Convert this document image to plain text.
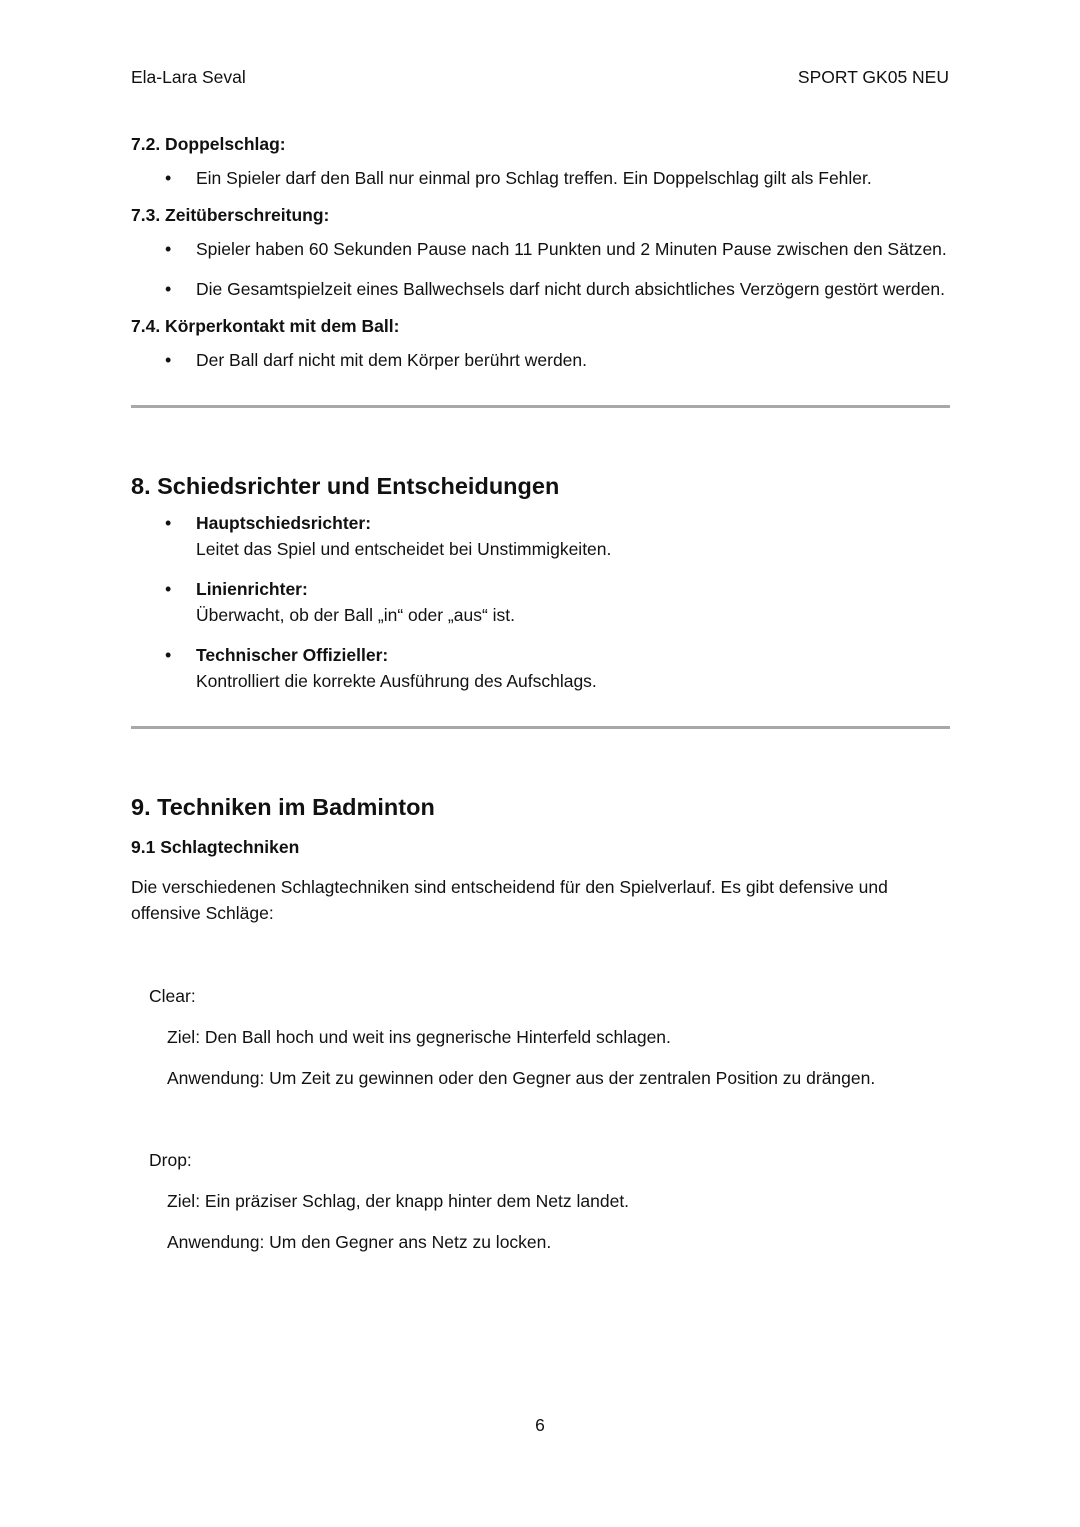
Ela-Lara Seval	SPORT GK05 NEU

7.2. Doppelschlag:

• Ein Spieler darf den Ball nur einmal pro Schlag treffen. Ein Doppelschlag gilt als Fehler.

7.3. Zeitüberschreitung:

• Spieler haben 60 Sekunden Pause nach 11 Punkten und 2 Minuten Pause zwischen den Sätzen.
• Die Gesamtspielzeit eines Ballwechsels darf nicht durch absichtliches Verzögern gestört werden.

7.4. Körperkontakt mit dem Ball:

• Der Ball darf nicht mit dem Körper berührt werden.
8. Schiedsrichter und Entscheidungen
• Hauptschiedsrichter:
Leitet das Spiel und entscheidet bei Unstimmigkeiten.
• Linienrichter:
Überwacht, ob der Ball „in“ oder „aus“ ist.
• Technischer Offizieller:
Kontrolliert die korrekte Ausführung des Aufschlags.
9. Techniken im Badminton

9.1 Schlagtechniken

Die verschiedenen Schlagtechniken sind entscheidend für den Spielverlauf. Es gibt defensive und offensive Schläge:

Clear:

Ziel: Den Ball hoch und weit ins gegnerische Hinterfeld schlagen.

Anwendung: Um Zeit zu gewinnen oder den Gegner aus der zentralen Position zu drängen.

Drop:

Ziel: Ein präziser Schlag, der knapp hinter dem Netz landet.

Anwendung: Um den Gegner ans Netz zu locken.

6
